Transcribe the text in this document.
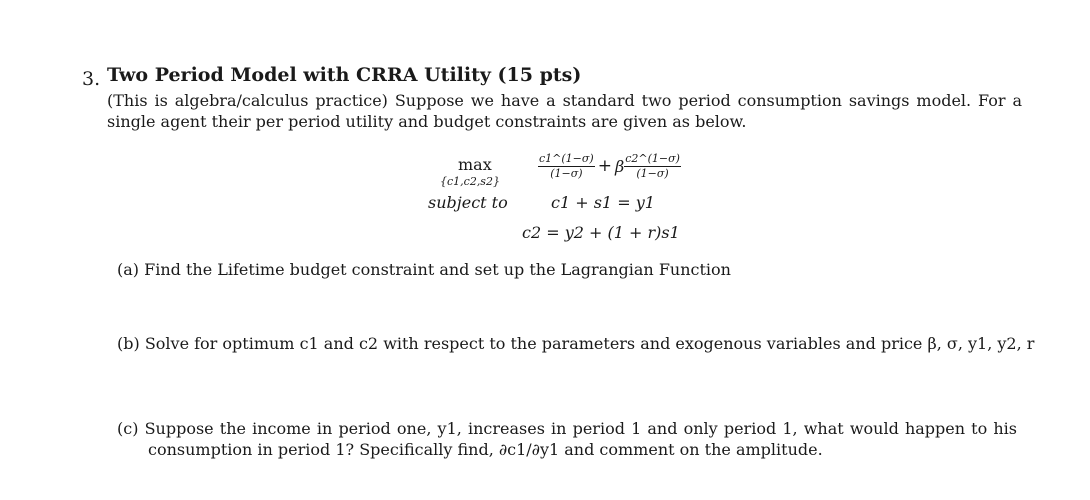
3. Two Period Model with CRRA Utility (15 pts)
(This is algebra/calculus practice) Suppose we have a standard two period consumption savings model. For a single agent their per period utility and budget constraints are given as below.
max
{c1,c2,s2}
$\frac{c1\^{}(1-\sigma)}{(1-\sigma)} + \beta \frac{c2\^{}(1-\sigma)}{(1-\sigma)}$
subject to	c1 + s1 = y1
c2 = y2 + (1 + r)s1
(a) Find the Lifetime budget constraint and set up the Lagrangian Function
(b) Solve for optimum c1 and c2 with respect to the parameters and exogenous variables and price β, σ, y1, y2, r
(c) Suppose the income in period one, y1, increases in period 1 and only period 1, what would happen to his
consumption in period 1? Specifically find, ∂c1/∂y1 and comment on the amplitude.
